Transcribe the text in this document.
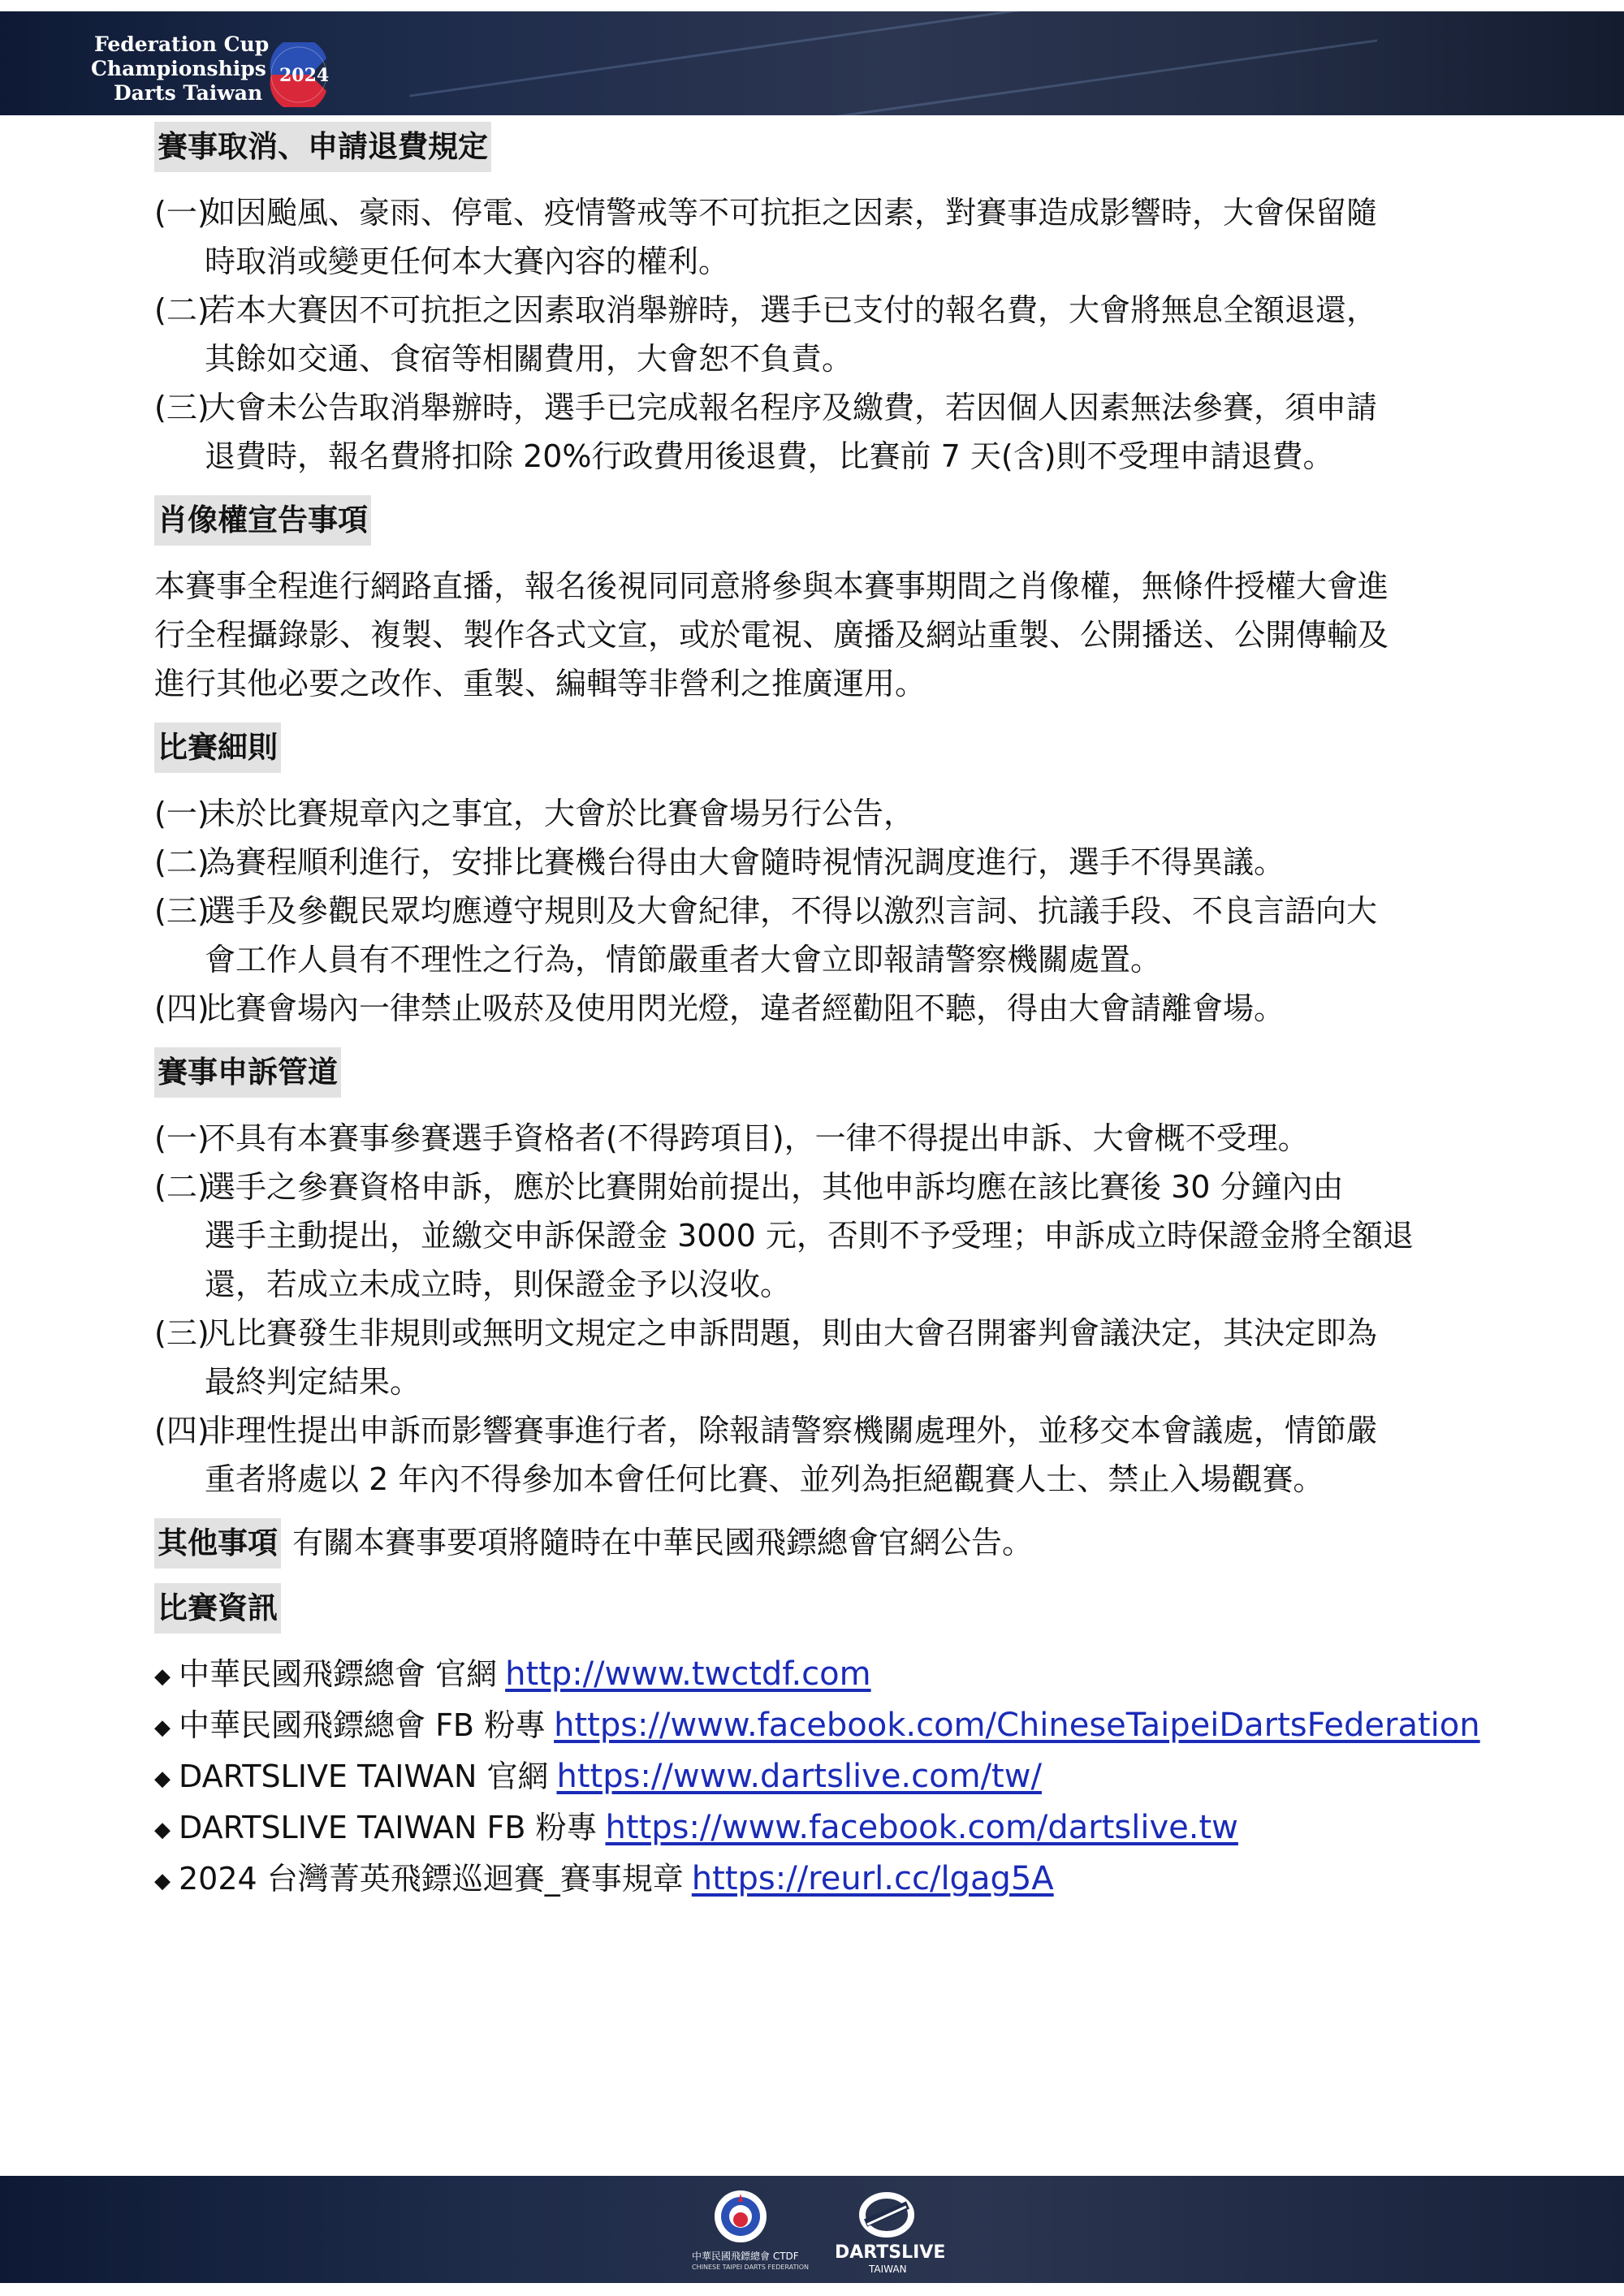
Federation Cup
Championships
Darts Taiwan
2024
賽事取消、申請退費規定
(一)
如因颱風、豪雨、停電、疫情警戒等不可抗拒之因素，對賽事造成影響時，大會保留隨
時取消或變更任何本大賽內容的權利。
(二)
若本大賽因不可抗拒之因素取消舉辦時，選手已支付的報名費，大會將無息全額退還，
其餘如交通、食宿等相關費用，大會恕不負責。
(三)
大會未公告取消舉辦時，選手已完成報名程序及繳費，若因個人因素無法參賽，須申請
退費時，報名費將扣除 20%行政費用後退費，比賽前 7 天(含)則不受理申請退費。
肖像權宣告事項
本賽事全程進行網路直播，報名後視同同意將參與本賽事期間之肖像權，無條件授權大會進
行全程攝錄影、複製、製作各式文宣，或於電視、廣播及網站重製、公開播送、公開傳輸及
進行其他必要之改作、重製、編輯等非營利之推廣運用。
比賽細則
(一)
未於比賽規章內之事宜，大會於比賽會場另行公告，
(二)
為賽程順利進行，安排比賽機台得由大會隨時視情況調度進行，選手不得異議。
(三)
選手及參觀民眾均應遵守規則及大會紀律，不得以激烈言詞、抗議手段、不良言語向大
會工作人員有不理性之行為，情節嚴重者大會立即報請警察機關處置。
(四)
比賽會場內一律禁止吸菸及使用閃光燈，違者經勸阻不聽，得由大會請離會場。
賽事申訴管道
(一)
不具有本賽事參賽選手資格者(不得跨項目)，一律不得提出申訴、大會概不受理。
(二)
選手之參賽資格申訴，應於比賽開始前提出，其他申訴均應在該比賽後 30 分鐘內由
選手主動提出，並繳交申訴保證金 3000 元，否則不予受理；申訴成立時保證金將全額退
還，若成立未成立時，則保證金予以沒收。
(三)
凡比賽發生非規則或無明文規定之申訴問題，則由大會召開審判會議決定，其決定即為
最終判定結果。
(四)
非理性提出申訴而影響賽事進行者，除報請警察機關處理外，並移交本會議處，情節嚴
重者將處以 2 年內不得參加本會任何比賽、並列為拒絕觀賽人士、禁止入場觀賽。
其他事項 有關本賽事要項將隨時在中華民國飛鏢總會官網公告。
比賽資訊
◆ 中華民國飛鏢總會 官網 http://www.twctdf.com
◆ 中華民國飛鏢總會 FB 粉專 https://www.facebook.com/ChineseTaipeiDartsFederation
◆ DARTSLIVE TAIWAN 官網 https://www.dartslive.com/tw/
◆ DARTSLIVE TAIWAN FB 粉專 https://www.facebook.com/dartslive.tw
◆ 2024 台灣菁英飛鏢巡迴賽_賽事規章 https://reurl.cc/lgag5A
中華民國飛鏢總會 CTDF
CHINESE TAIPEI DARTS FEDERATION
DARTSLIVE
TAIWAN
